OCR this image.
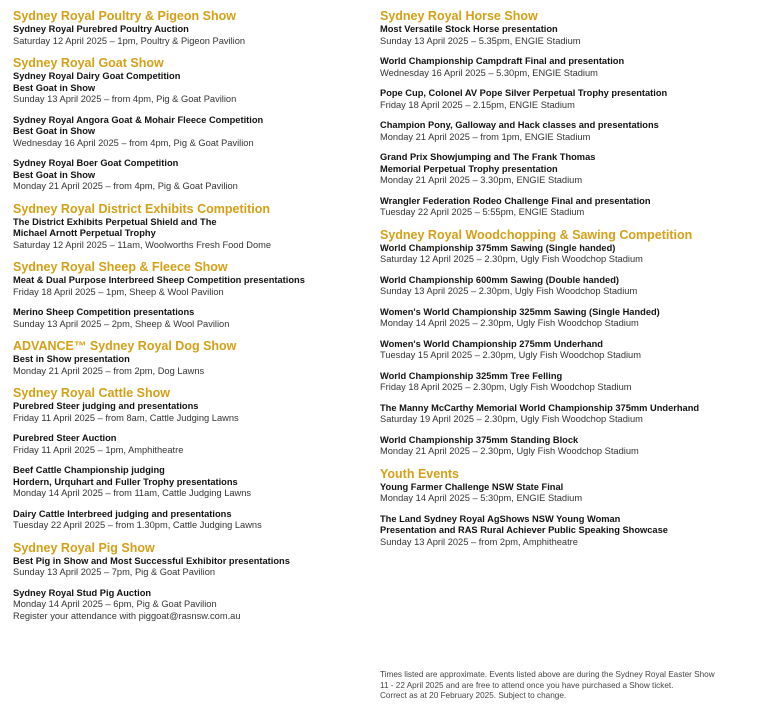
Sydney Royal Poultry & Pigeon Show
Sydney Royal Purebred Poultry Auction
Saturday 12 April 2025 – 1pm, Poultry & Pigeon Pavilion
Sydney Royal Goat Show
Sydney Royal Dairy Goat Competition
Best Goat in Show
Sunday 13 April 2025 – from 4pm, Pig & Goat Pavilion
Sydney Royal Angora Goat & Mohair Fleece Competition
Best Goat in Show
Wednesday 16 April 2025 – from 4pm, Pig & Goat Pavilion
Sydney Royal Boer Goat Competition
Best Goat in Show
Monday 21 April 2025 – from 4pm, Pig & Goat Pavilion
Sydney Royal District Exhibits Competition
The District Exhibits Perpetual Shield and The
Michael Arnott Perpetual Trophy
Saturday 12 April 2025 – 11am, Woolworths Fresh Food Dome
Sydney Royal Sheep & Fleece Show
Meat & Dual Purpose Interbreed Sheep Competition presentations
Friday 18 April 2025 – 1pm, Sheep & Wool Pavilion
Merino Sheep Competition presentations
Sunday 13 April 2025 – 2pm, Sheep & Wool Pavilion
ADVANCE™ Sydney Royal Dog Show
Best in Show presentation
Monday 21 April 2025 – from 2pm, Dog Lawns
Sydney Royal Cattle Show
Purebred Steer judging and presentations
Friday 11 April 2025 – from 8am, Cattle Judging Lawns
Purebred Steer Auction
Friday 11 April 2025 – 1pm, Amphitheatre
Beef Cattle Championship judging
Hordern, Urquhart and Fuller Trophy presentations
Monday 14 April 2025 – from 11am, Cattle Judging Lawns
Dairy Cattle Interbreed judging and presentations
Tuesday 22 April 2025 – from 1.30pm, Cattle Judging Lawns
Sydney Royal Pig Show
Best Pig in Show and Most Successful Exhibitor presentations
Sunday 13 April 2025 – 7pm, Pig & Goat Pavilion
Sydney Royal Stud Pig Auction
Monday 14 April 2025 – 6pm, Pig & Goat Pavilion
Register your attendance with piggoat@rasnsw.com.au
Sydney Royal Horse Show
Most Versatile Stock Horse presentation
Sunday 13 April 2025 – 5.35pm, ENGIE Stadium
World Championship Campdraft Final and presentation
Wednesday 16 April 2025 – 5.30pm, ENGIE Stadium
Pope Cup, Colonel AV Pope Silver Perpetual Trophy presentation
Friday 18 April 2025 – 2.15pm, ENGIE Stadium
Champion Pony, Galloway and Hack classes and presentations
Monday 21 April 2025 – from 1pm, ENGIE Stadium
Grand Prix Showjumping and The Frank Thomas
Memorial Perpetual Trophy presentation
Monday 21 April 2025 – 3.30pm, ENGIE Stadium
Wrangler Federation Rodeo Challenge Final and presentation
Tuesday 22 April 2025 – 5:55pm, ENGIE Stadium
Sydney Royal Woodchopping & Sawing Competition
World Championship 375mm Sawing (Single handed)
Saturday 12 April 2025 – 2.30pm, Ugly Fish Woodchop Stadium
World Championship 600mm Sawing (Double handed)
Sunday 13 April 2025 – 2.30pm, Ugly Fish Woodchop Stadium
Women's World Championship 325mm Sawing (Single Handed)
Monday 14 April 2025 – 2.30pm, Ugly Fish Woodchop Stadium
Women's World Championship 275mm Underhand
Tuesday 15 April 2025 – 2.30pm, Ugly Fish Woodchop Stadium
World Championship 325mm Tree Felling
Friday 18 April 2025 – 2.30pm, Ugly Fish Woodchop Stadium
The Manny McCarthy Memorial World Championship 375mm Underhand
Saturday 19 April 2025 – 2.30pm, Ugly Fish Woodchop Stadium
World Championship 375mm Standing Block
Monday 21 April 2025 – 2.30pm, Ugly Fish Woodchop Stadium
Youth Events
Young Farmer Challenge NSW State Final
Monday 14 April 2025 – 5:30pm, ENGIE Stadium
The Land Sydney Royal AgShows NSW Young Woman
Presentation and RAS Rural Achiever Public Speaking Showcase
Sunday 13 April 2025 – from 2pm, Amphitheatre
Times listed are approximate. Events listed above are during the Sydney Royal Easter Show
11 - 22 April 2025 and are free to attend once you have purchased a Show ticket.
Correct as at 20 February 2025. Subject to change.
